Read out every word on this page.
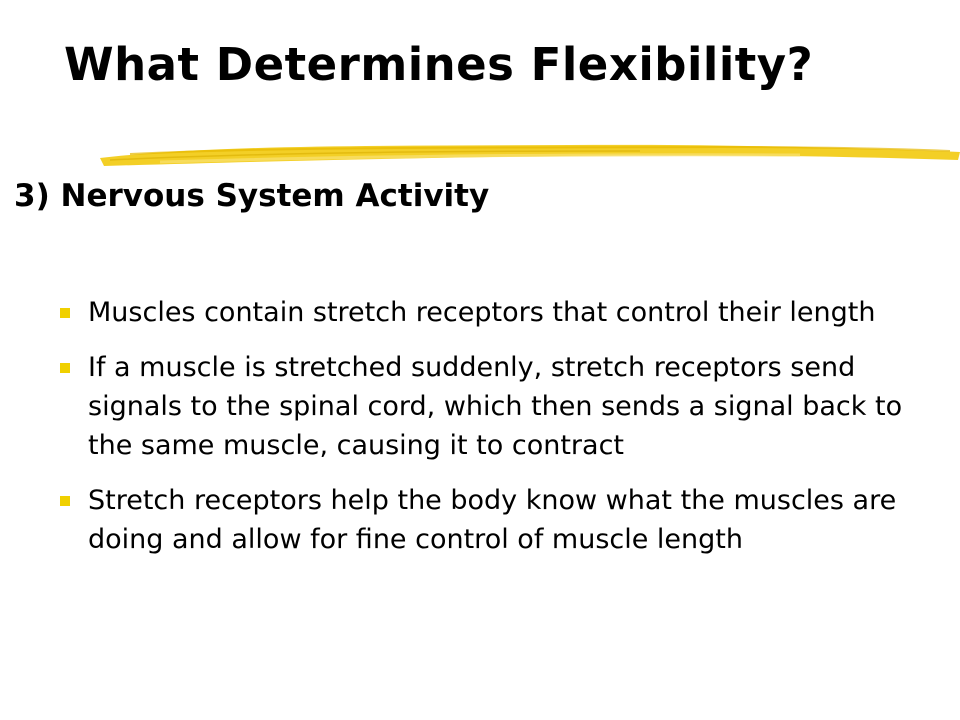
What Determines Flexibility?
3) Nervous System Activity
Muscles contain stretch receptors that control their length
If a muscle is stretched suddenly, stretch receptors send signals to the spinal cord, which then sends a signal back to the same muscle, causing it to contract
Stretch receptors help the body know what the muscles are doing and allow for fine control of muscle length
